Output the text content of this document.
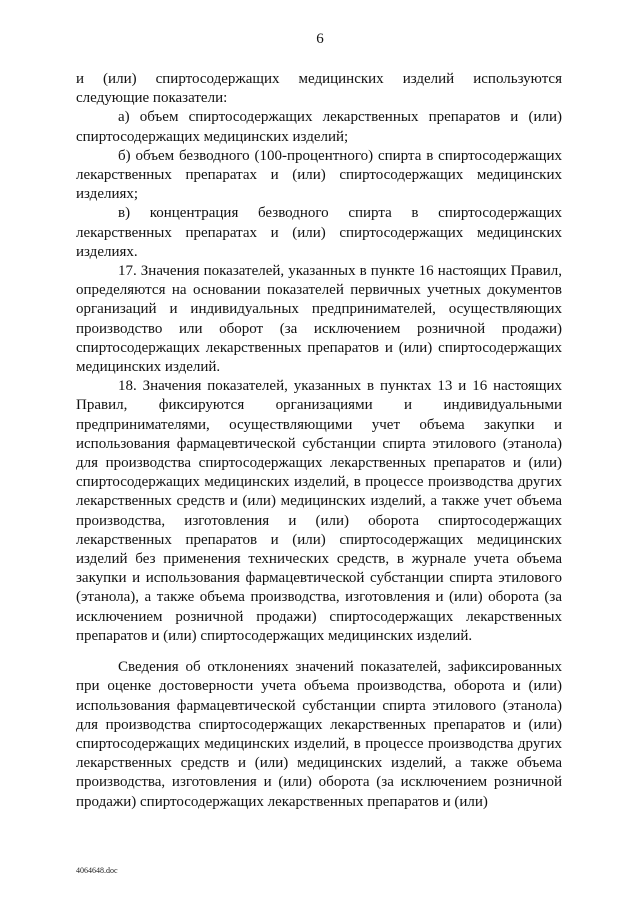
6

и (или) спиртосодержащих медицинских изделий используются следующие показатели:

а) объем спиртосодержащих лекарственных препаратов и (или) спиртосодержащих медицинских изделий;

б) объем безводного (100-процентного) спирта в спиртосодержащих лекарственных препаратах и (или) спиртосодержащих медицинских изделиях;

в) концентрация безводного спирта в спиртосодержащих лекарственных препаратах и (или) спиртосодержащих медицинских изделиях.

17. Значения показателей, указанных в пункте 16 настоящих Правил, определяются на основании показателей первичных учетных документов организаций и индивидуальных предпринимателей, осуществляющих производство или оборот (за исключением розничной продажи) спиртосодержащих лекарственных препаратов и (или) спиртосодержащих медицинских изделий.

18. Значения показателей, указанных в пунктах 13 и 16 настоящих Правил, фиксируются организациями и индивидуальными предпринимателями, осуществляющими учет объема закупки и использования фармацевтической субстанции спирта этилового (этанола) для производства спиртосодержащих лекарственных препаратов и (или) спиртосодержащих медицинских изделий, в процессе производства других лекарственных средств и (или) медицинских изделий, а также учет объема производства, изготовления и (или) оборота спиртосодержащих лекарственных препаратов и (или) спиртосодержащих медицинских изделий без применения технических средств, в журнале учета объема закупки и использования фармацевтической субстанции спирта этилового (этанола), а также объема производства, изготовления и (или) оборота (за исключением розничной продажи) спиртосодержащих лекарственных препаратов и (или) спиртосодержащих медицинских изделий.

Сведения об отклонениях значений показателей, зафиксированных при оценке достоверности учета объема производства, оборота и (или) использования фармацевтической субстанции спирта этилового (этанола) для производства спиртосодержащих лекарственных препаратов и (или) спиртосодержащих медицинских изделий, в процессе производства других лекарственных средств и (или) медицинских изделий, а также объема производства, изготовления и (или) оборота (за исключением розничной продажи) спиртосодержащих лекарственных препаратов и (или)

4064648.doc
